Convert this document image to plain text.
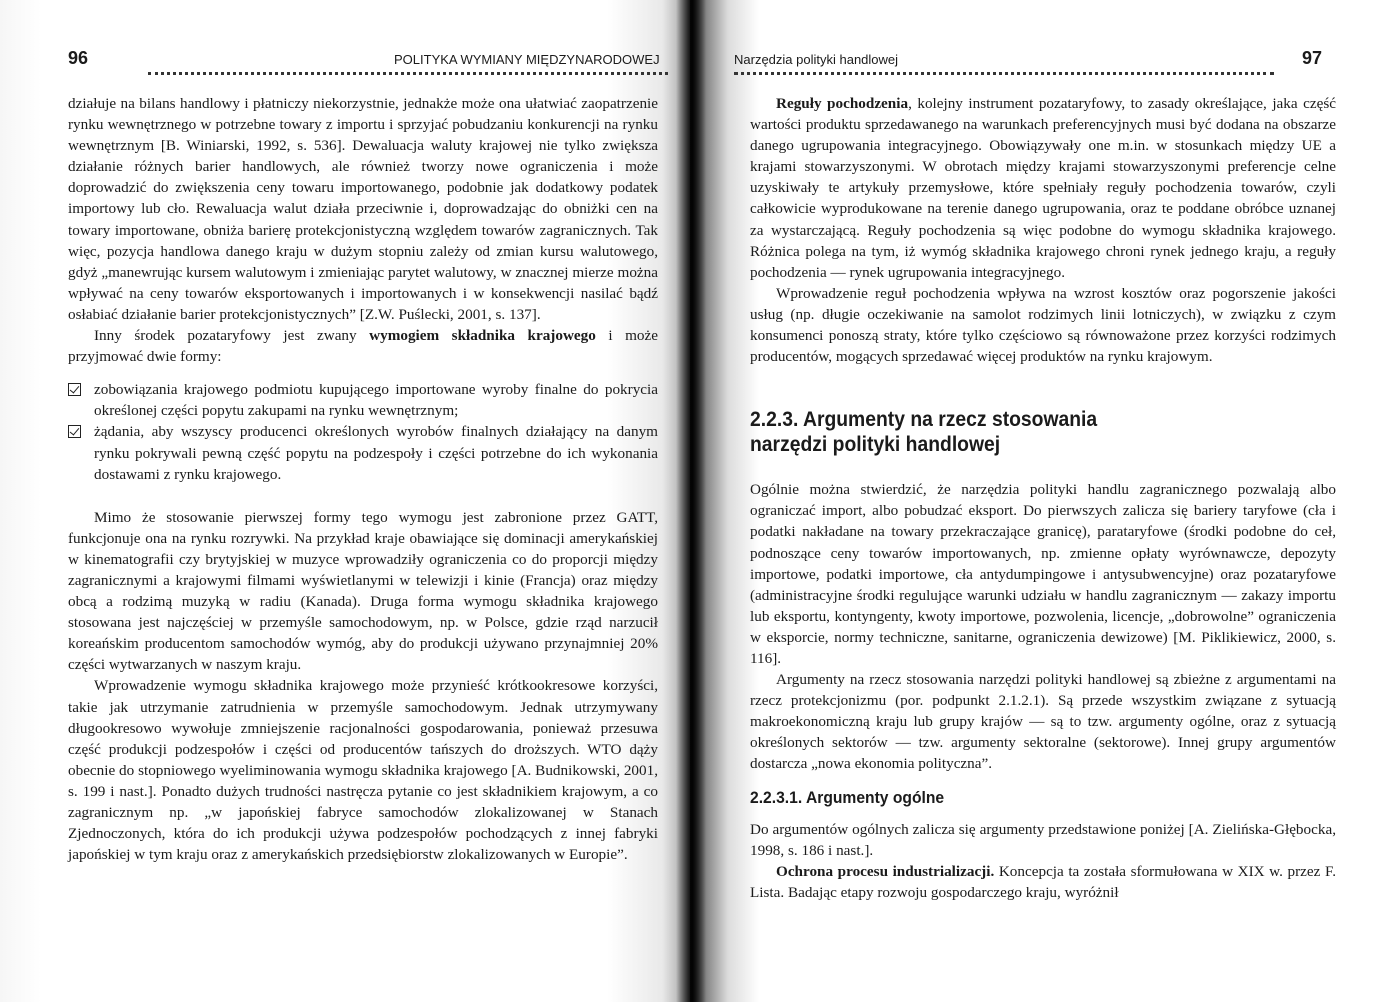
96	POLITYKA WYMIANY MIĘDZYNARODOWEJ

działuje na bilans handlowy i płatniczy niekorzystnie, jednakże może ona ułatwiać zaopatrzenie rynku wewnętrznego w potrzebne towary z importu i sprzyjać pobudzaniu konkurencji na rynku wewnętrznym [B. Winiarski, 1992, s. 536]. Dewaluacja waluty krajowej nie tylko zwiększa działanie różnych barier handlowych, ale również tworzy nowe ograniczenia i może doprowadzić do zwiększenia ceny towaru importowanego, podobnie jak dodatkowy podatek importowy lub cło. Rewaluacja walut działa przeciwnie i, doprowadzając do obniżki cen na towary importowane, obniża barierę protekcjonistyczną względem towarów zagranicznych. Tak więc, pozycja handlowa danego kraju w dużym stopniu zależy od zmian kursu walutowego, gdyż „manewrując kursem walutowym i zmieniając parytet walutowy, w znacznej mierze można wpływać na ceny towarów eksportowanych i importowanych i w konsekwencji nasilać bądź osłabiać działanie barier protekcjonistycznych” [Z.W. Puślecki, 2001, s. 137].

Inny środek pozataryfowy jest zwany wymogiem składnika krajowego i może przyjmować dwie formy:

zobowiązania krajowego podmiotu kupującego importowane wyroby finalne do pokrycia określonej części popytu zakupami na rynku wewnętrznym;

żądania, aby wszyscy producenci określonych wyrobów finalnych działający na danym rynku pokrywali pewną część popytu na podzespoły i części potrzebne do ich wykonania dostawami z rynku krajowego.

Mimo że stosowanie pierwszej formy tego wymogu jest zabronione przez GATT, funkcjonuje ona na rynku rozrywki. Na przykład kraje obawiające się dominacji amerykańskiej w kinematografii czy brytyjskiej w muzyce wprowadziły ograniczenia co do proporcji między zagranicznymi a krajowymi filmami wyświetlanymi w telewizji i kinie (Francja) oraz między obcą a rodzimą muzyką w radiu (Kanada). Druga forma wymogu składnika krajowego stosowana jest najczęściej w przemyśle samochodowym, np. w Polsce, gdzie rząd narzucił koreańskim producentom samochodów wymóg, aby do produkcji używano przynajmniej 20% części wytwarzanych w naszym kraju.

Wprowadzenie wymogu składnika krajowego może przynieść krótkookresowe korzyści, takie jak utrzymanie zatrudnienia w przemyśle samochodowym. Jednak utrzymywany długookresowo wywołuje zmniejszenie racjonalności gospodarowania, ponieważ przesuwa część produkcji podzespołów i części od producentów tańszych do droższych. WTO dąży obecnie do stopniowego wyeliminowania wymogu składnika krajowego [A. Budnikowski, 2001, s. 199 i nast.]. Ponadto dużych trudności nastręcza pytanie co jest składnikiem krajowym, a co zagranicznym np. „w japońskiej fabryce samochodów zlokalizowanej w Stanach Zjednoczonych, która do ich produkcji używa podzespołów pochodzących z innej fabryki japońskiej w tym kraju oraz z amerykańskich przedsiębiorstw zlokalizowanych w Europie”.

Narzędzia polityki handlowej	97

Reguły pochodzenia, kolejny instrument pozataryfowy, to zasady określające, jaka część wartości produktu sprzedawanego na warunkach preferencyjnych musi być dodana na obszarze danego ugrupowania integracyjnego. Obowiązywały one m.in. w stosunkach między UE a krajami stowarzyszonymi. W obrotach między krajami stowarzyszonymi preferencje celne uzyskiwały te artykuły przemysłowe, które spełniały reguły pochodzenia towarów, czyli całkowicie wyprodukowane na terenie danego ugrupowania, oraz te poddane obróbce uznanej za wystarczającą. Reguły pochodzenia są więc podobne do wymogu składnika krajowego. Różnica polega na tym, iż wymóg składnika krajowego chroni rynek jednego kraju, a reguły pochodzenia — rynek ugrupowania integracyjnego.

Wprowadzenie reguł pochodzenia wpływa na wzrost kosztów oraz pogorszenie jakości usług (np. długie oczekiwanie na samolot rodzimych linii lotniczych), w związku z czym konsumenci ponoszą straty, które tylko częściowo są równoważone przez korzyści rodzimych producentów, mogących sprzedawać więcej produktów na rynku krajowym.

2.2.3. Argumenty na rzecz stosowania
narzędzi polityki handlowej

Ogólnie można stwierdzić, że narzędzia polityki handlu zagranicznego pozwalają albo ograniczać import, albo pobudzać eksport. Do pierwszych zalicza się bariery taryfowe (cła i podatki nakładane na towary przekraczające granicę), parataryfowe (środki podobne do ceł, podnoszące ceny towarów importowanych, np. zmienne opłaty wyrównawcze, depozyty importowe, podatki importowe, cła antydumpingowe i antysubwencyjne) oraz pozataryfowe (administracyjne środki regulujące warunki udziału w handlu zagranicznym — zakazy importu lub eksportu, kontyngenty, kwoty importowe, pozwolenia, licencje, „dobrowolne” ograniczenia w eksporcie, normy techniczne, sanitarne, ograniczenia dewizowe) [M. Piklikiewicz, 2000, s. 116].

Argumenty na rzecz stosowania narzędzi polityki handlowej są zbieżne z argumentami na rzecz protekcjonizmu (por. podpunkt 2.1.2.1). Są przede wszystkim związane z sytuacją makroekonomiczną kraju lub grupy krajów — są to tzw. argumenty ogólne, oraz z sytuacją określonych sektorów — tzw. argumenty sektoralne (sektorowe). Innej grupy argumentów dostarcza „nowa ekonomia polityczna”.

2.2.3.1. Argumenty ogólne

Do argumentów ogólnych zalicza się argumenty przedstawione poniżej [A. Zielińska-Głębocka, 1998, s. 186 i nast.].

Ochrona procesu industrializacji. Koncepcja ta została sformułowana w XIX w. przez F. Lista. Badając etapy rozwoju gospodarczego kraju, wyróżnił
